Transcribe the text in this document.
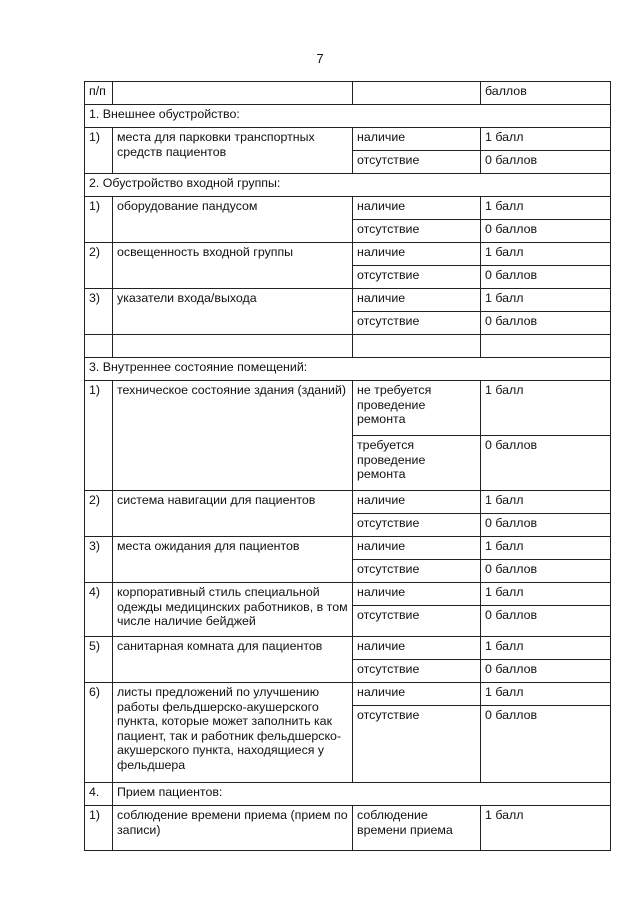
7
п/п			баллов
1. Внешнее обустройство:			
1)	места для парковки транспортных средств пациентов	наличие	1 балл
		отсутствие	0 баллов
2. Обустройство входной группы:			
1)	оборудование пандусом	наличие	1 балл
		отсутствие	0 баллов
2)	освещенность входной группы	наличие	1 балл
		отсутствие	0 баллов
3)	указатели входа/выхода	наличие	1 балл
		отсутствие	0 баллов

3. Внутреннее состояние помещений:			
1)	техническое состояние здания (зданий)	не требуется проведение ремонта	1 балл
		требуется проведение ремонта	0 баллов
2)	система навигации для пациентов	наличие	1 балл
		отсутствие	0 баллов
3)	места ожидания для пациентов	наличие	1 балл
		отсутствие	0 баллов
4)	корпоративный стиль специальной одежды медицинских работников, в том числе наличие бейджей	наличие	1 балл
		отсутствие	0 баллов
5)	санитарная комната для пациентов	наличие	1 балл
		отсутствие	0 баллов
6)	листы предложений по улучшению работы фельдшерско-акушерского пункта, которые может заполнить как пациент, так и работник фельдшерско-акушерского пункта, находящиеся у фельдшера	наличие	1 балл
		отсутствие	0 баллов
4.	Прием пациентов:		
1)	соблюдение времени приема (прием по записи)	соблюдение времени приема	1 балл
